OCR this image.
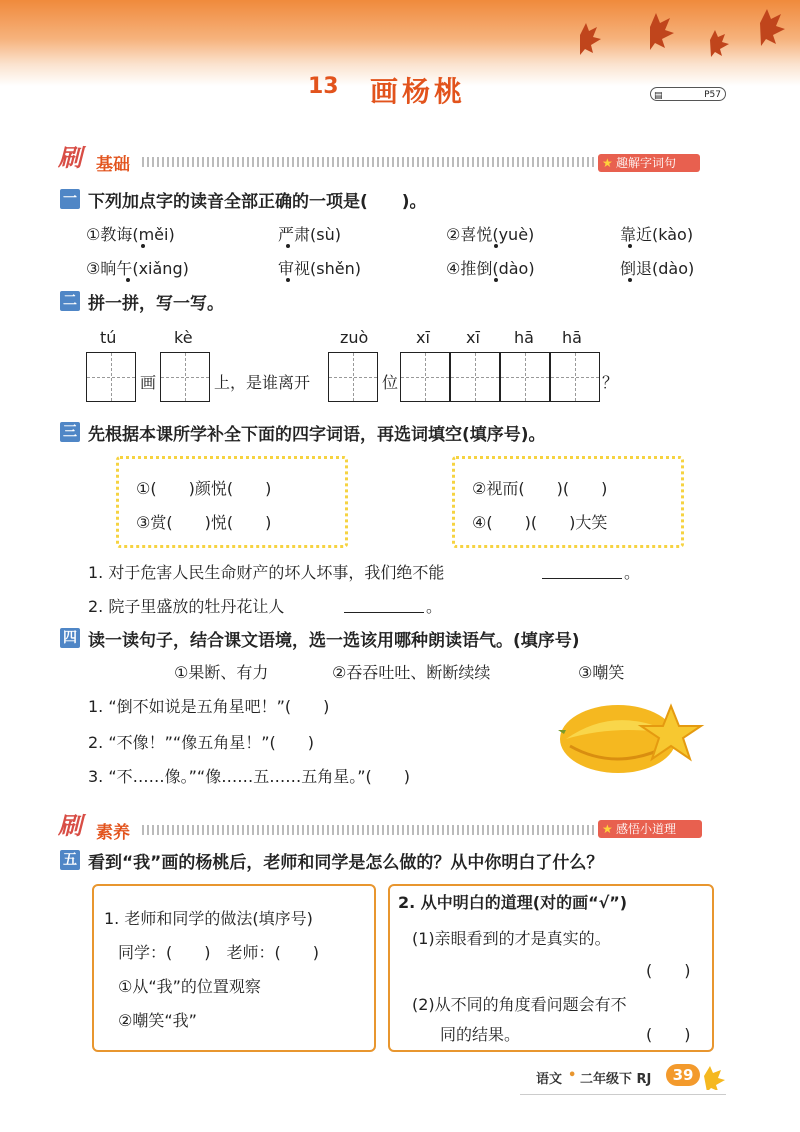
13 画杨桃	▤	P57
刷 基础	★ 趣解字词句
一 下列加点字的读音全部正确的一项是(　　)。
①教诲(měi)	严肃(sù)	②喜悦(yuè)	靠近(kào)
③晌午(xiǎng)	审视(shěn)	④推倒(dào)	倒退(dào)
二 拼一拼，写一写。
tú	kè	zuò	xī xī hā hā
画	上，是谁离开	位	？
三 先根据本课所学补全下面的四字词语，再选词填空(填序号)。
①(　　)颜悦(　　)
③赏(　　)悦(　　)
②视而(　　)(　　)
④(　　)(　　)大笑
1. 对于危害人民生命财产的坏人坏事，我们绝不能	。
2. 院子里盛放的牡丹花让人	。
四 读一读句子，结合课文语境，选一选该用哪种朗读语气。(填序号)
①果断、有力	②吞吞吐吐、断断续续	③嘲笑
1. “倒不如说是五角星吧！”(　　)
2. “不像！”“像五角星！”(　　)
3. “不……像。”“像……五……五角星。”(　　)
刷 素养	★ 感悟小道理
五 看到“我”画的杨桃后，老师和同学是怎么做的？从中你明白了什么？
1. 老师和同学的做法(填序号)
同学：(　　)　老师：(　　)
①从“我”的位置观察
②嘲笑“我”
2. 从中明白的道理(对的画“√”)
(1)亲眼看到的才是真实的。
(　　)
(2)从不同的角度看问题会有不
同的结果。	(　　)
语文 • 二年级下 RJ	39
